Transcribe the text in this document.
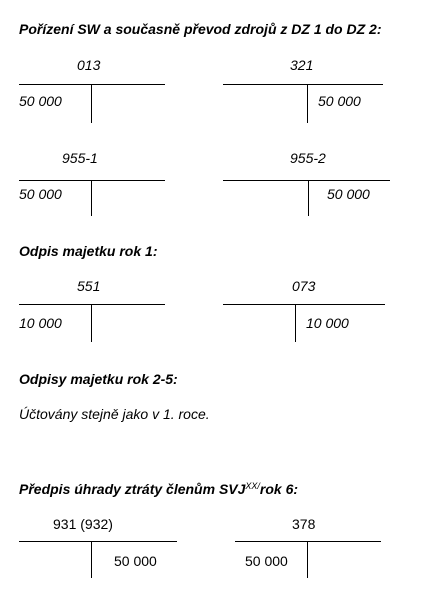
Pořízení SW a současně převod zdrojů z DZ 1 do DZ 2:
013
50 000
321
50 000
955-1
50 000
955-2
50 000
Odpis majetku rok 1:
551
10 000
073
10 000
Odpisy majetku rok 2-5:
Účtovány stejně jako v 1. roce.
Předpis úhrady ztráty členům $SVJ^{XX/}rok$ 6:
931 (932)
50 000
378
50 000
